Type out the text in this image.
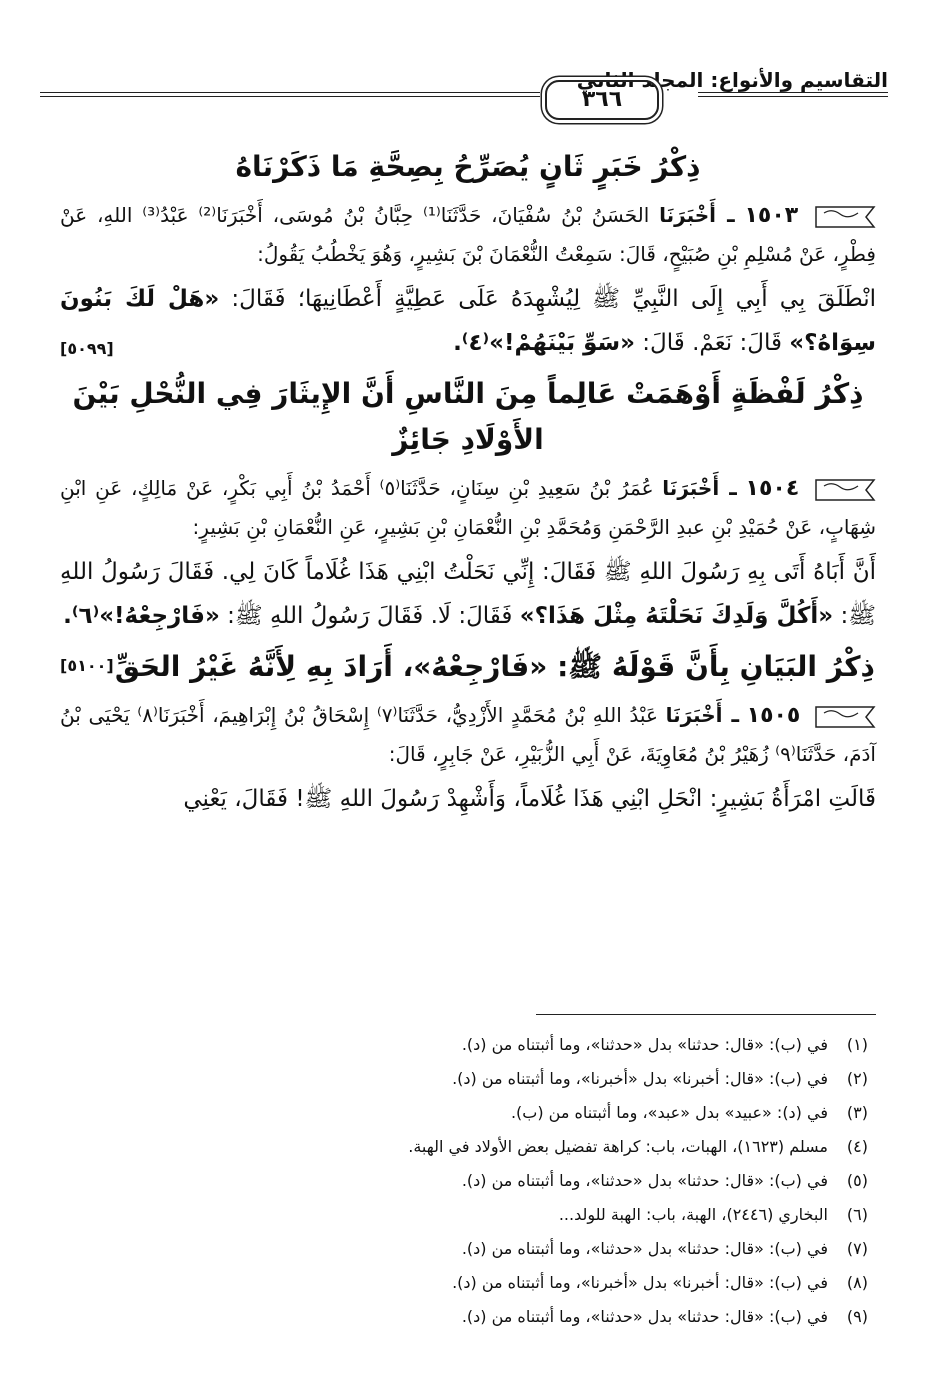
التقاسيم والأنواع: المجلد الثاني
٣٦٦
ذِكْرُ خَبَرٍ ثَانٍ يُصَرِّحُ بِصِحَّةِ مَا ذَكَرْنَاهُ

١٥٠٣ ـ أَخْبَرَنَا الحَسَنُ بْنُ سُفْيَانَ، حَدَّثَنَا⁽¹⁾ حِبَّانُ بْنُ مُوسَى، أَخْبَرَنَا⁽²⁾ عَبْدُ⁽³⁾ اللهِ، عَنْ فِطْرٍ، عَنْ مُسْلِمِ بْنِ صُبَيْحٍ، قَالَ: سَمِعْتُ النُّعْمَانَ بْنَ بَشِيرٍ، وَهُوَ يَخْطُبُ يَقُولُ:

انْطَلَقَ بِي أَبِي إِلَى النَّبِيِّ ﷺ لِيُشْهِدَهُ عَلَى عَطِيَّةٍ أَعْطَانِيهَا؛ فَقَالَ: «هَلْ لَكَ بَنُونَ سِوَاهُ؟» قَالَ: نَعَمْ. قَالَ: «سَوِّ بَيْنَهُمْ!»⁽٤⁾.
[٥٠٩٩]

ذِكْرُ لَفْظَةٍ أَوْهَمَتْ عَالِماً مِنَ النَّاسِ أَنَّ الإِيثَارَ فِي النُّحْلِ بَيْنَ الأَوْلَادِ جَائِزٌ

١٥٠٤ ـ أَخْبَرَنَا عُمَرُ بْنُ سَعِيدِ بْنِ سِنَانٍ، حَدَّثَنَا⁽٥⁾ أَحْمَدُ بْنُ أَبِي بَكْرٍ، عَنْ مَالِكٍ، عَنِ ابْنِ شِهَابٍ، عَنْ حُمَيْدِ بْنِ عبدِ الرَّحْمَنِ وَمُحَمَّدِ بْنِ النُّعْمَانِ بْنِ بَشِيرٍ، عَنِ النُّعْمَانِ بْنِ بَشِيرٍ:

أَنَّ أَبَاهُ أَتَى بِهِ رَسُولَ اللهِ ﷺ فَقَالَ: إِنِّي نَحَلْتُ ابْنِي هَذَا غُلَاماً كَانَ لِي. فَقَالَ رَسُولُ اللهِ ﷺ: «أَكُلَّ وَلَدِكَ نَحَلْتَهُ مِثْلَ هَذَا؟» فَقَالَ: لَا. فَقَالَ رَسُولُ اللهِ ﷺ: «فَارْجِعْهُ!»⁽٦⁾.
[٥١٠٠] ذِكْرُ البَيَانِ بِأَنَّ قَوْلَهُ ﷺ: «فَارْجِعْهُ»، أَرَادَ بِهِ لِأَنَّهُ غَيْرُ الحَقِّ

١٥٠٥ ـ أَخْبَرَنَا عَبْدُ اللهِ بْنُ مُحَمَّدٍ الأَزْدِيُّ، حَدَّثَنَا⁽٧⁾ إِسْحَاقُ بْنُ إِبْرَاهِيمَ، أَخْبَرَنَا⁽٨⁾ يَحْيَى بْنُ آدَمَ، حَدَّثَنَا⁽٩⁾ زُهَيْرُ بْنُ مُعَاوِيَةَ، عَنْ أَبِي الزُّبَيْرِ، عَنْ جَابِرٍ، قَالَ:

قَالَتِ امْرَأَةُ بَشِيرٍ: انْحَلِ ابْنِي هَذَا غُلَاماً، وَأَشْهِدْ رَسُولَ اللهِ ﷺ! فَقَالَ، يَعْنِي

(١)في (ب): «قال: حدثنا» بدل «حدثنا»، وما أثبتناه من (د).
(٢)في (ب): «قال: أخبرنا» بدل «أخبرنا»، وما أثبتناه من (د).
(٣)في (د): «عبيد» بدل «عبد»، وما أثبتناه من (ب).
(٤)مسلم (١٦٢٣)، الهبات، باب: كراهة تفضيل بعض الأولاد في الهبة.
(٥)في (ب): «قال: حدثنا» بدل «حدثنا»، وما أثبتناه من (د).
(٦)البخاري (٢٤٤٦)، الهبة، باب: الهبة للولد...
(٧)في (ب): «قال: حدثنا» بدل «حدثنا»، وما أثبتناه من (د).
(٨)في (ب): «قال: أخبرنا» بدل «أخبرنا»، وما أثبتناه من (د).
(٩)في (ب): «قال: حدثنا» بدل «حدثنا»، وما أثبتناه من (د).
